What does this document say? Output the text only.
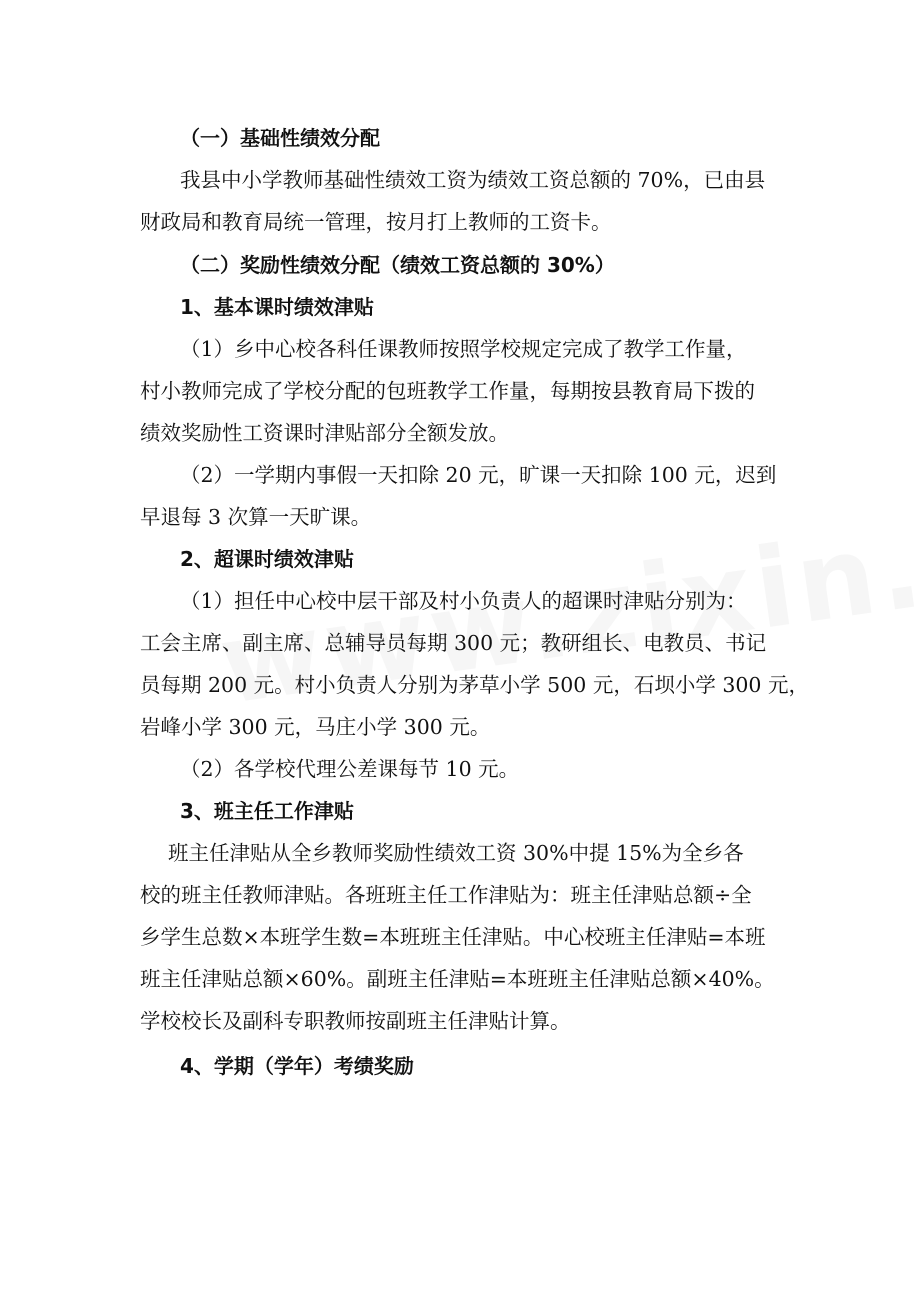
（一）基础性绩效分配
我县中小学教师基础性绩效工资为绩效工资总额的 70%，已由县
财政局和教育局统一管理，按月打上教师的工资卡。
（二）奖励性绩效分配（绩效工资总额的 30%）
1、基本课时绩效津贴
（1）乡中心校各科任课教师按照学校规定完成了教学工作量，
村小教师完成了学校分配的包班教学工作量，每期按县教育局下拨的
绩效奖励性工资课时津贴部分全额发放。
（2）一学期内事假一天扣除 20 元，旷课一天扣除 100 元，迟到
早退每 3 次算一天旷课。
2、超课时绩效津贴
（1）担任中心校中层干部及村小负责人的超课时津贴分别为：
工会主席、副主席、总辅导员每期 300 元；教研组长、电教员、书记
员每期 200 元。村小负责人分别为茅草小学 500 元，石坝小学 300 元，
岩峰小学 300 元，马庄小学 300 元。
（2）各学校代理公差课每节 10 元。
3、班主任工作津贴
班主任津贴从全乡教师奖励性绩效工资 30%中提 15%为全乡各
校的班主任教师津贴。各班班主任工作津贴为：班主任津贴总额÷全
乡学生总数×本班学生数=本班班主任津贴。中心校班主任津贴=本班
班主任津贴总额×60%。副班主任津贴=本班班主任津贴总额×40%。
学校校长及副科专职教师按副班主任津贴计算。
4、学期（学年）考绩奖励
